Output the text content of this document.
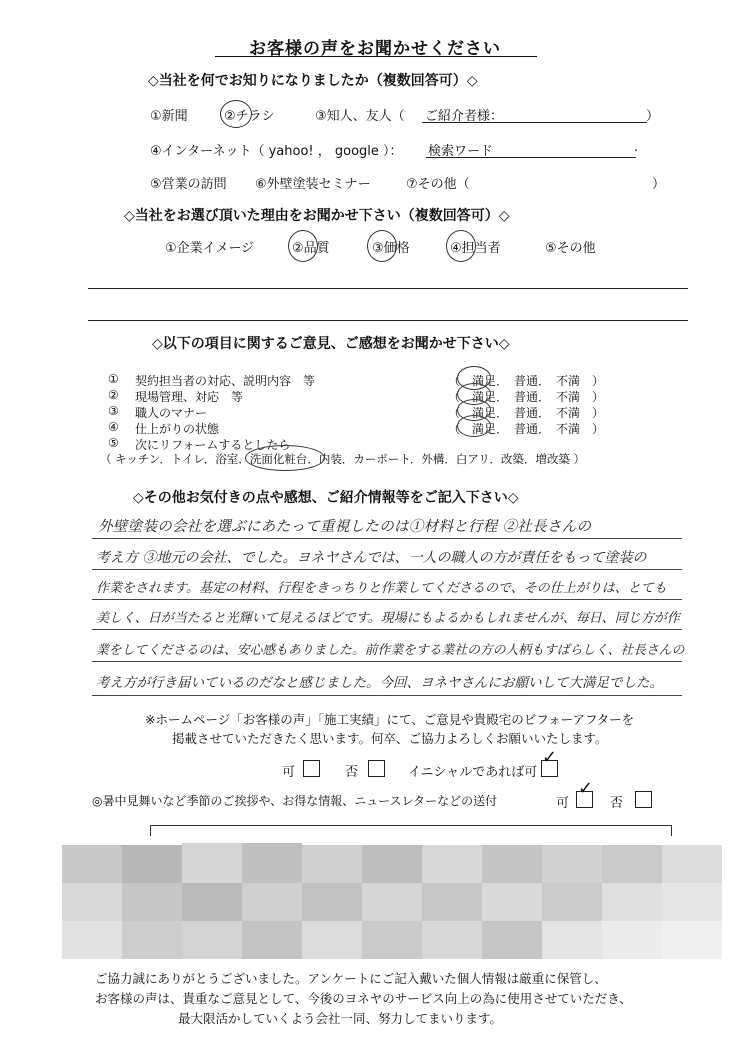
お客様の声をお聞かせください
◇当社を何でお知りになりましたか（複数回答可）◇
①新聞	②チラシ	③知人、友人（ ご紹介者様：	）
④インターネット（ yahoo! ， google ）： 検索ワード	.
⑤営業の訪問 ⑥外壁塗装セミナー	⑦その他（	）
◇当社をお選び頂いた理由をお聞かせ下さい（複数回答可）◇
①企業イメージ	②品質	③価格	④担当者	⑤その他
◇以下の項目に関するご意見、ご感想をお聞かせ下さい◇
① 契約担当者の対応、説明内容　等	（　満足．　普通．　不満　）
② 現場管理、対応　等	（　満足．　普通．　不満　）
③ 職人のマナー	（　満足．　普通．　不満　）
④ 仕上がりの状態	（　満足．　普通．　不満　）
⑤ 次にリフォームするとしたら
（ キッチン．トイレ．浴室．洗面化粧台．内装．カーポート．外構．白アリ．改築．増改築 ）
◇その他お気付きの点や感想、ご紹介情報等をご記入下さい◇
外壁塗装の会社を選ぶにあたって重視したのは①材料と行程 ②社長さんの
考え方 ③地元の会社、でした。ヨネヤさんでは、一人の職人の方が責任をもって塗装の
作業をされます。基定の材料、行程をきっちりと作業してくださるので、その仕上がりは、とても
美しく、日が当たると光輝いて見えるほどです。現場にもよるかもしれませんが、毎日、同じ方が作
業をしてくださるのは、安心感もありました。前作業をする業社の方の人柄もすばらしく、社長さんの
考え方が行き届いているのだなと感じました。今回、ヨネヤさんにお願いして大満足でした。
※ホームページ「お客様の声」「施工実績」にて、ご意見や貴殿宅のビフォーアフターを
掲載させていただきたく思います。何卒、ご協力よろしくお願いいたします。
可	否	イニシャルであれば可
✓
◎暑中見舞いなど季節のご挨拶や、お得な情報、ニュースレターなどの送付	可
✓
否
ご協力誠にありがとうございました。アンケートにご記入戴いた個人情報は厳重に保管し、
お客様の声は、貴重なご意見として、今後のヨネヤのサービス向上の為に使用させていただき、
最大限活かしていくよう会社一同、努力してまいります。
